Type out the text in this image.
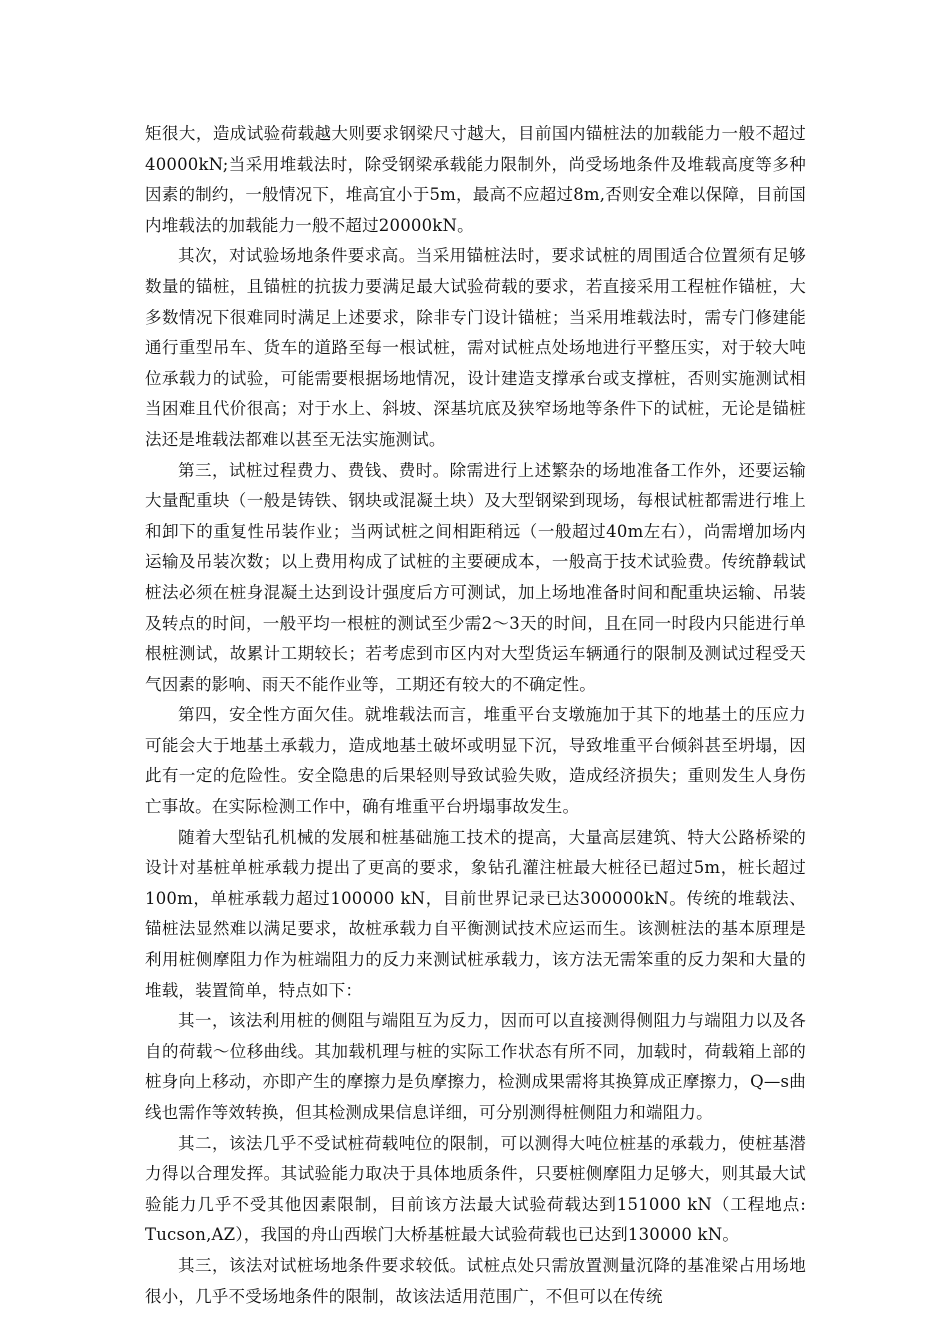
矩很大，造成试验荷载越大则要求钢梁尺寸越大，目前国内锚桩法的加载能力一般不超过40000kN;当采用堆载法时，除受钢梁承载能力限制外，尚受场地条件及堆载高度等多种因素的制约，一般情况下，堆高宜小于5m，最高不应超过8m,否则安全难以保障，目前国内堆载法的加载能力一般不超过20000kN。

其次，对试验场地条件要求高。当采用锚桩法时，要求试桩的周围适合位置须有足够数量的锚桩，且锚桩的抗拔力要满足最大试验荷载的要求，若直接采用工程桩作锚桩，大多数情况下很难同时满足上述要求，除非专门设计锚桩；当采用堆载法时，需专门修建能通行重型吊车、货车的道路至每一根试桩，需对试桩点处场地进行平整压实，对于较大吨位承载力的试验，可能需要根据场地情况，设计建造支撑承台或支撑桩，否则实施测试相当困难且代价很高；对于水上、斜坡、深基坑底及狭窄场地等条件下的试桩，无论是锚桩法还是堆载法都难以甚至无法实施测试。

第三，试桩过程费力、费钱、费时。除需进行上述繁杂的场地准备工作外，还要运输大量配重块（一般是铸铁、钢块或混凝土块）及大型钢梁到现场，每根试桩都需进行堆上和卸下的重复性吊装作业；当两试桩之间相距稍远（一般超过40m左右），尚需增加场内运输及吊装次数；以上费用构成了试桩的主要硬成本，一般高于技术试验费。传统静载试桩法必须在桩身混凝土达到设计强度后方可测试，加上场地准备时间和配重块运输、吊装及转点的时间，一般平均一根桩的测试至少需2～3天的时间，且在同一时段内只能进行单根桩测试，故累计工期较长；若考虑到市区内对大型货运车辆通行的限制及测试过程受天气因素的影响、雨天不能作业等，工期还有较大的不确定性。

第四，安全性方面欠佳。就堆载法而言，堆重平台支墩施加于其下的地基土的压应力可能会大于地基土承载力，造成地基土破坏或明显下沉，导致堆重平台倾斜甚至坍塌，因此有一定的危险性。安全隐患的后果轻则导致试验失败，造成经济损失；重则发生人身伤亡事故。在实际检测工作中，确有堆重平台坍塌事故发生。

随着大型钻孔机械的发展和桩基础施工技术的提高，大量高层建筑、特大公路桥梁的设计对基桩单桩承载力提出了更高的要求，象钻孔灌注桩最大桩径已超过5m，桩长超过100m，单桩承载力超过100000 kN，目前世界记录已达300000kN。传统的堆载法、锚桩法显然难以满足要求，故桩承载力自平衡测试技术应运而生。该测桩法的基本原理是利用桩侧摩阻力作为桩端阻力的反力来测试桩承载力，该方法无需笨重的反力架和大量的堆载，装置简单，特点如下：

其一，该法利用桩的侧阻与端阻互为反力，因而可以直接测得侧阻力与端阻力以及各自的荷载～位移曲线。其加载机理与桩的实际工作状态有所不同，加载时，荷载箱上部的桩身向上移动，亦即产生的摩擦力是负摩擦力，检测成果需将其换算成正摩擦力，Q—s曲线也需作等效转换，但其检测成果信息详细，可分别测得桩侧阻力和端阻力。

其二，该法几乎不受试桩荷载吨位的限制，可以测得大吨位桩基的承载力，使桩基潜力得以合理发挥。其试验能力取决于具体地质条件，只要桩侧摩阻力足够大，则其最大试验能力几乎不受其他因素限制，目前该方法最大试验荷载达到151000 kN（工程地点: Tucson,AZ），我国的舟山西堠门大桥基桩最大试验荷载也已达到130000 kN。

其三，该法对试桩场地条件要求较低。试桩点处只需放置测量沉降的基准梁占用场地很小，几乎不受场地条件的限制，故该法适用范围广，不但可以在传统
